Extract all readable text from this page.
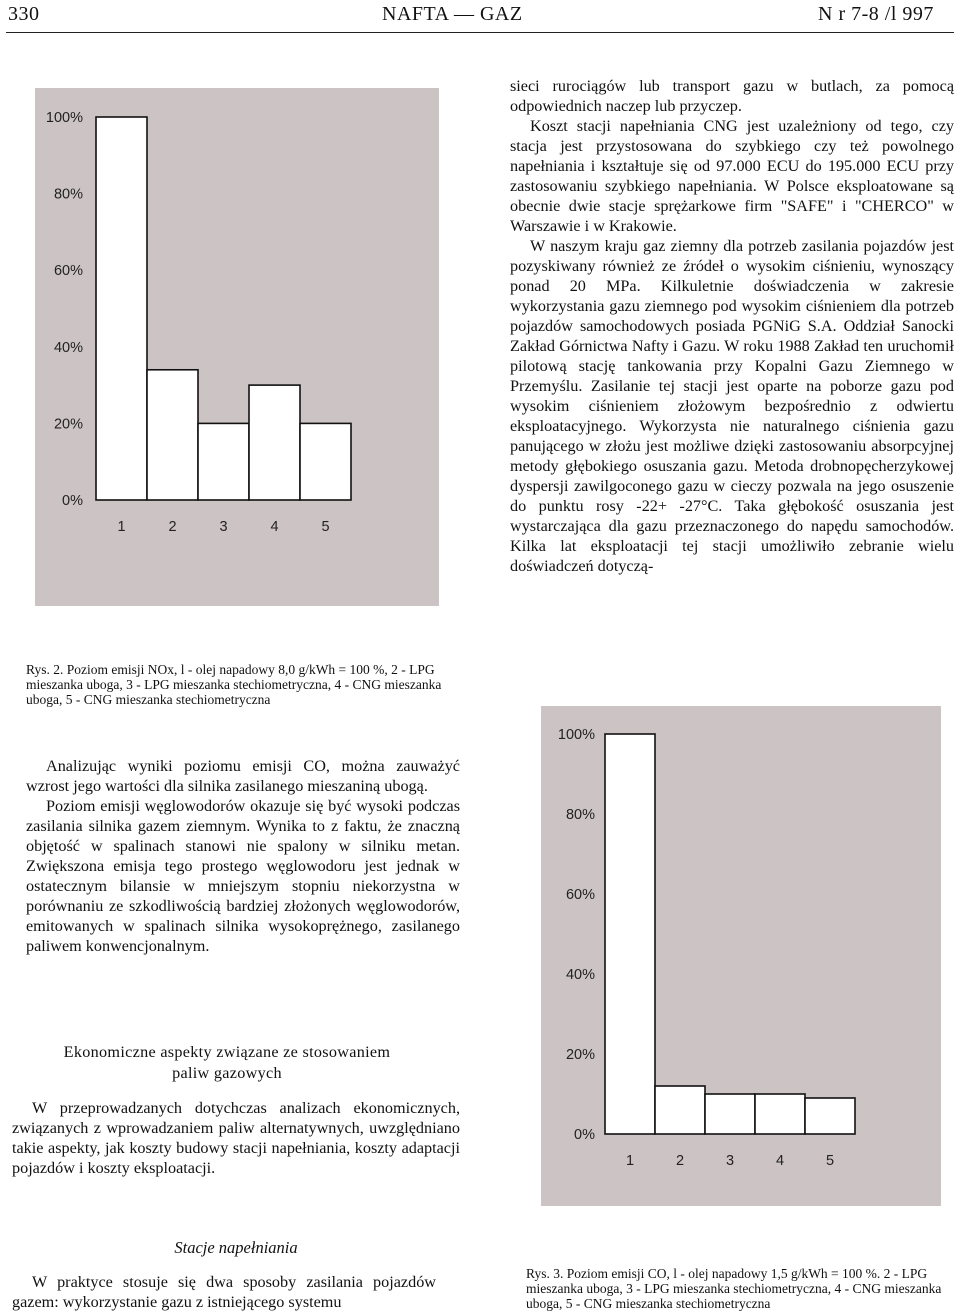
330	NAFTA — GAZ	N r 7-8 /l 997
0%
20%
40%
60%
80%
100%
1	2	3	4	5

sieci rurociągów lub transport gazu w butlach, za pomocą odpowiednich naczep lub przyczep.

Koszt stacji napełniania CNG jest uzależniony od tego, czy stacja jest przystosowana do szybkiego czy też powolnego napełniania i kształtuje się od 97.000 ECU do 195.000 ECU przy zastosowaniu szybkiego napełniania. W Polsce eksploatowane są obecnie dwie stacje sprężarkowe firm "SAFE" i "CHERCO" w Warszawie i w Krakowie.

W naszym kraju gaz ziemny dla potrzeb zasilania pojazdów jest pozyskiwany również ze źródeł o wysokim ciśnieniu, wynoszący ponad 20 MPa. Kilkuletnie doświadczenia w zakresie wykorzystania gazu ziemnego pod wysokim ciśnieniem dla potrzeb pojazdów samochodowych posiada PGNiG S.A. Oddział Sanocki Zakład Górnictwa Nafty i Gazu. W roku 1988 Zakład ten uruchomił pilotową stację tankowania przy Kopalni Gazu Ziemnego w Przemyślu. Zasilanie tej stacji jest oparte na poborze gazu pod wysokim ciśnieniem złożowym bezpośrednio z odwiertu eksploatacyjnego. Wykorzysta nie naturalnego ciśnienia gazu panującego w złożu jest możliwe dzięki zastosowaniu absorpcyjnej metody głębokiego osuszania gazu. Metoda drobnopęcherzykowej dyspersji zawilgoconego gazu w cieczy pozwala na jego osuszenie do punktu rosy -22+ -27°C. Taka głębokość osuszania jest wystarczająca dla gazu przeznaczonego do napędu samochodów. Kilka lat eksploatacji tej stacji umożliwiło zebranie wielu doświadczeń dotyczą-

Rys. 2. Poziom emisji NOx, l - olej napadowy 8,0 g/kWh = 100 %, 2 - LPG mieszanka uboga, 3 - LPG mieszanka stechiometryczna, 4 - CNG mieszanka uboga, 5 - CNG mieszanka stechiometryczna

Analizując wyniki poziomu emisji CO, można zauważyć wzrost jego wartości dla silnika zasilanego mieszaniną ubogą.

Poziom emisji węglowodorów okazuje się być wysoki podczas zasilania silnika gazem ziemnym. Wynika to z faktu, że znaczną objętość w spalinach stanowi nie spalony w silniku metan. Zwiększona emisja tego prostego węglowodoru jest jednak w ostatecznym bilansie w mniejszym stopniu niekorzystna w porównaniu ze szkodliwością bardziej złożonych węglowodorów, emitowanych w spalinach silnika wysokoprężnego, zasilanego paliwem konwencjonalnym.

0%
20%
40%
60%
80%
100%
1	2	3	4	5
Ekonomiczne aspekty związane ze stosowaniem
paliw gazowych

W przeprowadzanych dotychczas analizach ekonomicznych, związanych z wprowadzaniem paliw alternatywnych, uwzględniano takie aspekty, jak koszty budowy stacji napełniania, koszty adaptacji pojazdów i koszty eksploatacji.

Stacje napełniania

W praktyce stosuje się dwa sposoby zasilania pojazdów gazem: wykorzystanie gazu z istniejącego systemu

Rys. 3. Poziom emisji CO, l - olej napadowy 1,5 g/kWh = 100 %. 2 - LPG mieszanka uboga, 3 - LPG mieszanka stechiometryczna, 4 - CNG mieszanka uboga, 5 - CNG mieszanka stechiometryczna
